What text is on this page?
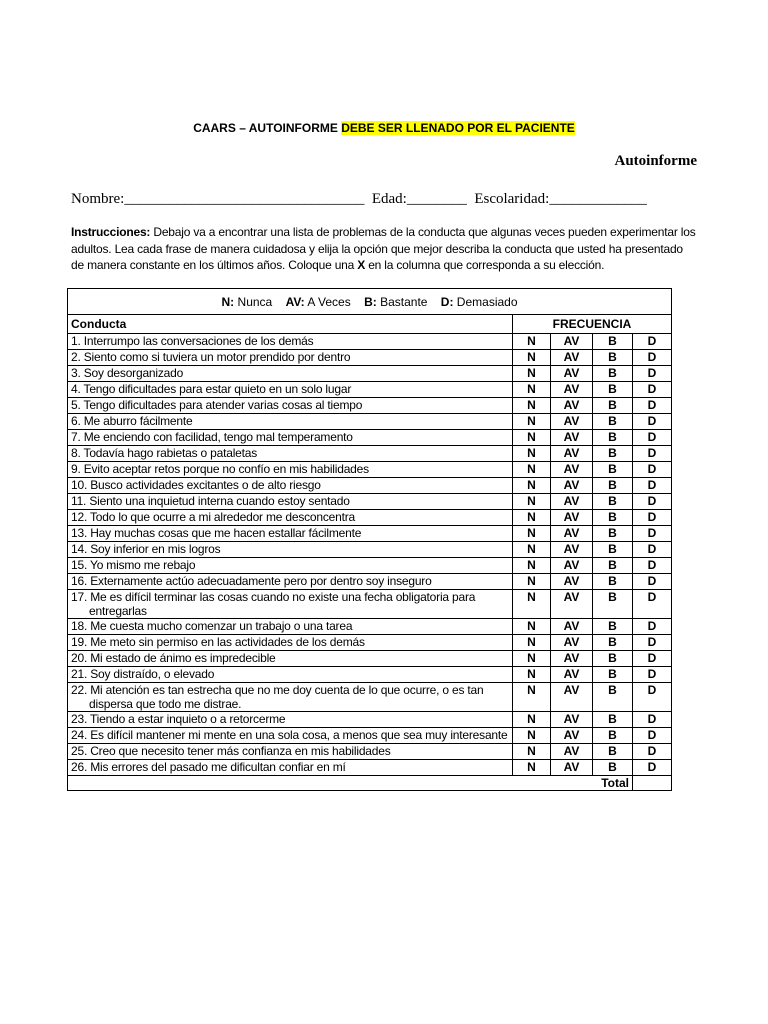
CAARS – AUTOINFORME DEBE SER LLENADO POR EL PACIENTE
Autoinforme
Nombre:________________________________ Edad:________ Escolaridad:_____________
Instrucciones: Debajo va a encontrar una lista de problemas de la conducta que algunas veces pueden experimentar los adultos. Lea cada frase de manera cuidadosa y elija la opción que mejor describa la conducta que usted ha presentado de manera constante en los últimos años. Coloque una X en la columna que corresponda a su elección.
N: Nunca AV: A Veces B: Bastante D: Demasiado				
Conducta	FRECUENCIA			

1. Interrumpo las conversaciones de los demás	N	AV	B	D

2. Siento como si tuviera un motor prendido por dentro	N	AV	B	D

3. Soy desorganizado	N	AV	B	D

4. Tengo dificultades para estar quieto en un solo lugar	N	AV	B	D

5. Tengo dificultades para atender varias cosas al tiempo	N	AV	B	D

6. Me aburro fácilmente	N	AV	B	D

7. Me enciendo con facilidad, tengo mal temperamento	N	AV	B	D

8. Todavía hago rabietas o pataletas	N	AV	B	D

9. Evito aceptar retos porque no confío en mis habilidades	N	AV	B	D

10. Busco actividades excitantes o de alto riesgo	N	AV	B	D

11. Siento una inquietud interna cuando estoy sentado	N	AV	B	D

12. Todo lo que ocurre a mi alrededor me desconcentra	N	AV	B	D

13. Hay muchas cosas que me hacen estallar fácilmente	N	AV	B	D

14. Soy inferior en mis logros	N	AV	B	D

15. Yo mismo me rebajo	N	AV	B	D

16. Externamente actúo adecuadamente pero por dentro soy inseguro	N	AV	B	D

17. Me es difícil terminar las cosas cuando no existe una fecha obligatoria para entregarlas	N	AV	B	D

18. Me cuesta mucho comenzar un trabajo o una tarea	N	AV	B	D

19. Me meto sin permiso en las actividades de los demás	N	AV	B	D

20. Mi estado de ánimo es impredecible	N	AV	B	D

21. Soy distraído, o elevado	N	AV	B	D

22. Mi atención es tan estrecha que no me doy cuenta de lo que ocurre, o es tan dispersa que todo me distrae.	N	AV	B	D

23. Tiendo a estar inquieto o a retorcerme	N	AV	B	D

24. Es difícil mantener mi mente en una sola cosa, a menos que sea muy interesante	N	AV	B	D

25. Creo que necesito tener más confianza en mis habilidades	N	AV	B	D

26. Mis errores del pasado me dificultan confiar en mí	N	AV	B	D
Total				
